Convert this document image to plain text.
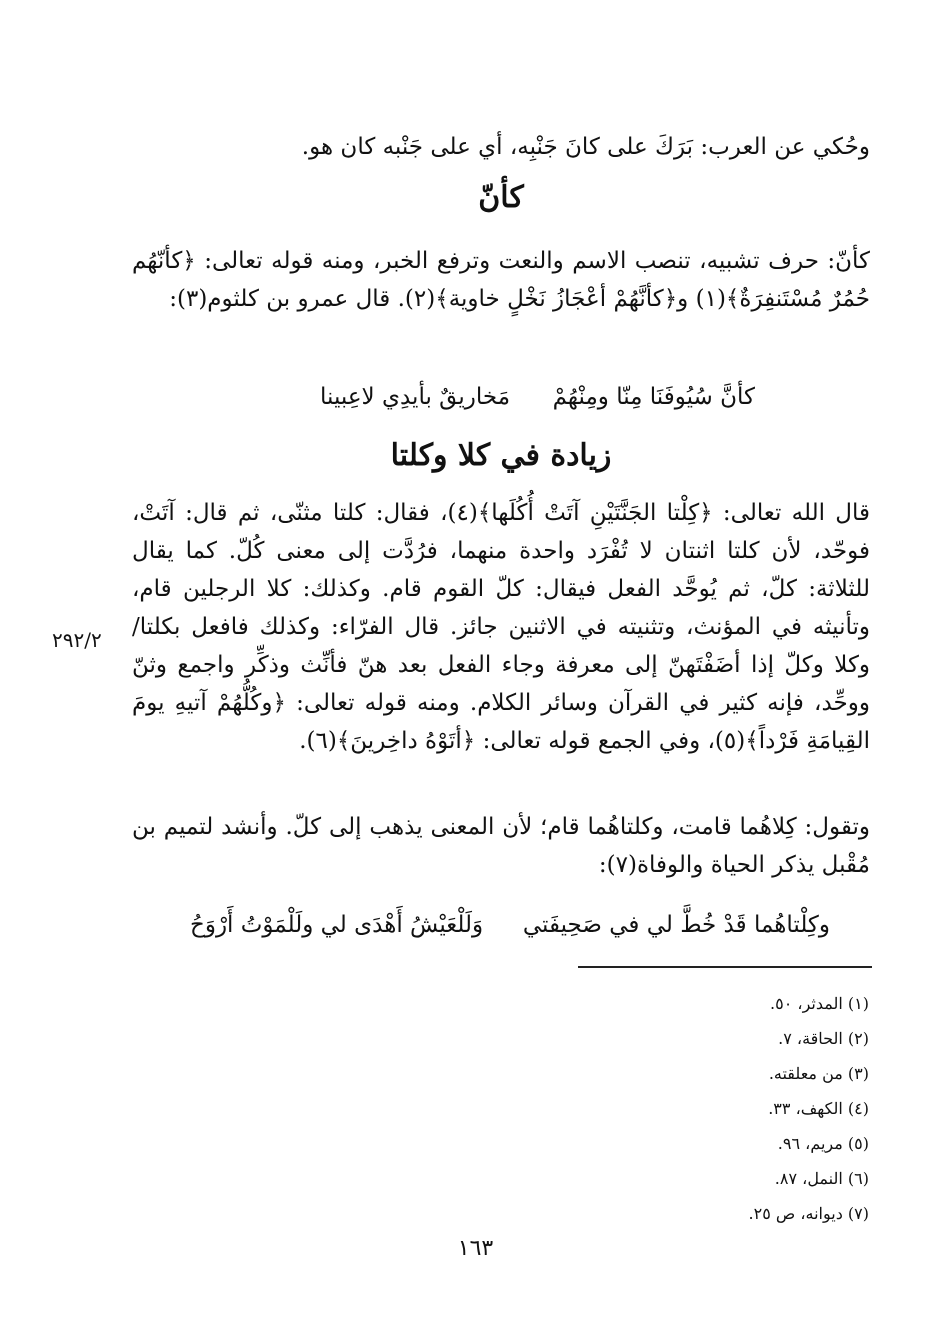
وحُكي عن العرب: بَرَكَ على كانَ جَنْبِه، أي على جَنْبه كان هو.
كأنّ
كأنّ: حرف تشبيه، تنصب الاسم والنعت وترفع الخبر، ومنه قوله تعالى: ﴿كأنّهُم حُمُرٌ مُسْتَنفِرَةٌ﴾(١) و﴿كأنَّهُمْ أعْجَازُ نَخْلٍ خاوية﴾(٢). قال عمرو بن كلثوم(٣):
كأنَّ سُيُوفَنَا مِنّا ومِنْهُمْ
مَخاريقٌ بأيدِي لاعِبينا
زيادة في كلا وكلتا
قال الله تعالى: ﴿كِلْتا الجَنَّتَيْنِ آتَتْ أُكُلَها﴾(٤)، فقال: كلتا مثنّى، ثم قال: آتَتْ، فوحّد، لأن كلتا اثنتان لا تُفْرَد واحدة منهما، فرُدَّت إلى معنى كُلّ. كما يقال للثلاثة: كلّ، ثم يُوحَّد الفعل فيقال: كلّ القوم قام. وكذلك: كلا الرجلين قام، وتأنيثه في المؤنث، وتثنيته في الاثنين جائز. قال الفرّاء: وكذلك فافعل بكلتا/ وكلا وكلّ إذا أضَفْتَهنّ إلى معرفة وجاء الفعل بعد هنّ فأنِّث وذكِّر واجمع وثنّ ووحِّد، فإنه كثير في القرآن وسائر الكلام. ومنه قوله تعالى: ﴿وكُلُّهُمْ آتيهِ يومَ القِيامَةِ فَرْداً﴾(٥)، وفي الجمع قوله تعالى: ﴿أتَوْهُ داخِرينَ﴾(٦).
٢٩٢/٢
وتقول: كِلاهُما قامت، وكلتاهُما قام؛ لأن المعنى يذهب إلى كلّ. وأنشد لتميم بن مُقْبل يذكر الحياة والوفاة(٧):
وكِلْتاهُما قَدْ خُطَّ لي في صَحِيفَتي
وَلَلْعَيْشُ أَهْدَى لي ولَلْمَوْتُ أَرْوَحُ
(١) المدثر، ٥٠.
(٢) الحاقة، ٧.
(٣) من معلقته.
(٤) الكهف، ٣٣.
(٥) مريم، ٩٦.
(٦) النمل، ٨٧.
(٧) ديوانه، ص ٢٥.
١٦٣
